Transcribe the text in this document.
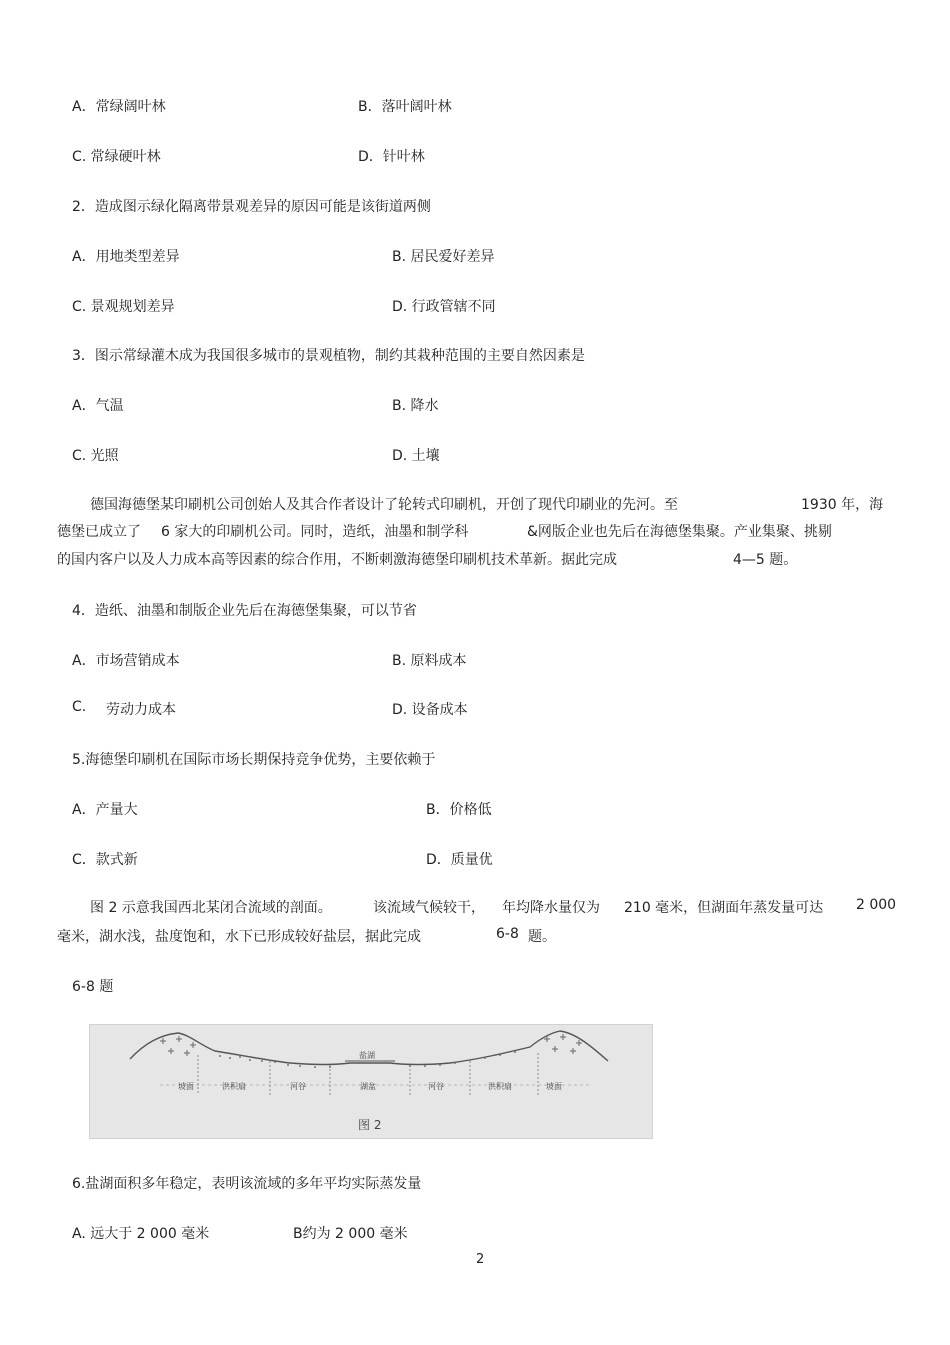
A．常绿阔叶林	B．落叶阔叶林
C. 常绿硬叶林	D．针叶林
2．造成图示绿化隔离带景观差异的原因可能是该街道两侧
A．用地类型差异	B. 居民爱好差异
C. 景观规划差异	D. 行政管辖不同
3．图示常绿灌木成为我国很多城市的景观植物，制约其栽种范围的主要自然因素是
A．气温	B. 降水
C. 光照	D. 土壤
德国海德堡某印刷机公司创始人及其合作者设计了轮转式印刷机，开创了现代印刷业的先河。至	1930 年，海
德堡已成立了 6 家大的印刷机公司。同时，造纸，油墨和制学科	&网版企业也先后在海德堡集聚。产业集聚、挑剔
的国内客户以及人力成本高等因素的综合作用，不断刺激海德堡印刷机技术革新。据此完成	4—5 题。
4．造纸、油墨和制版企业先后在海德堡集聚，可以节省
A．市场营销成本	B. 原料成本
C. 劳动力成本	D. 设备成本
5.海德堡印刷机在国际市场长期保持竞争优势，主要依赖于
A．产量大	B．价格低
C．款式新	D．质量优
图 2 示意我国西北某闭合流域的剖面。	该流域气候较干， 年均降水量仅为 210 毫米，但湖面年蒸发量可达 2 000
毫米，湖水浅，盐度饱和，水下已形成较好盐层，据此完成	6-8 题。
6-8 题
盐湖
坡面	洪积扇	河谷	湖盆	河谷	洪积扇	坡面
图 2
6.盐湖面积多年稳定，表明该流域的多年平均实际蒸发量
A. 远大于 2 000 毫米	B约为 2 000 毫米
2
